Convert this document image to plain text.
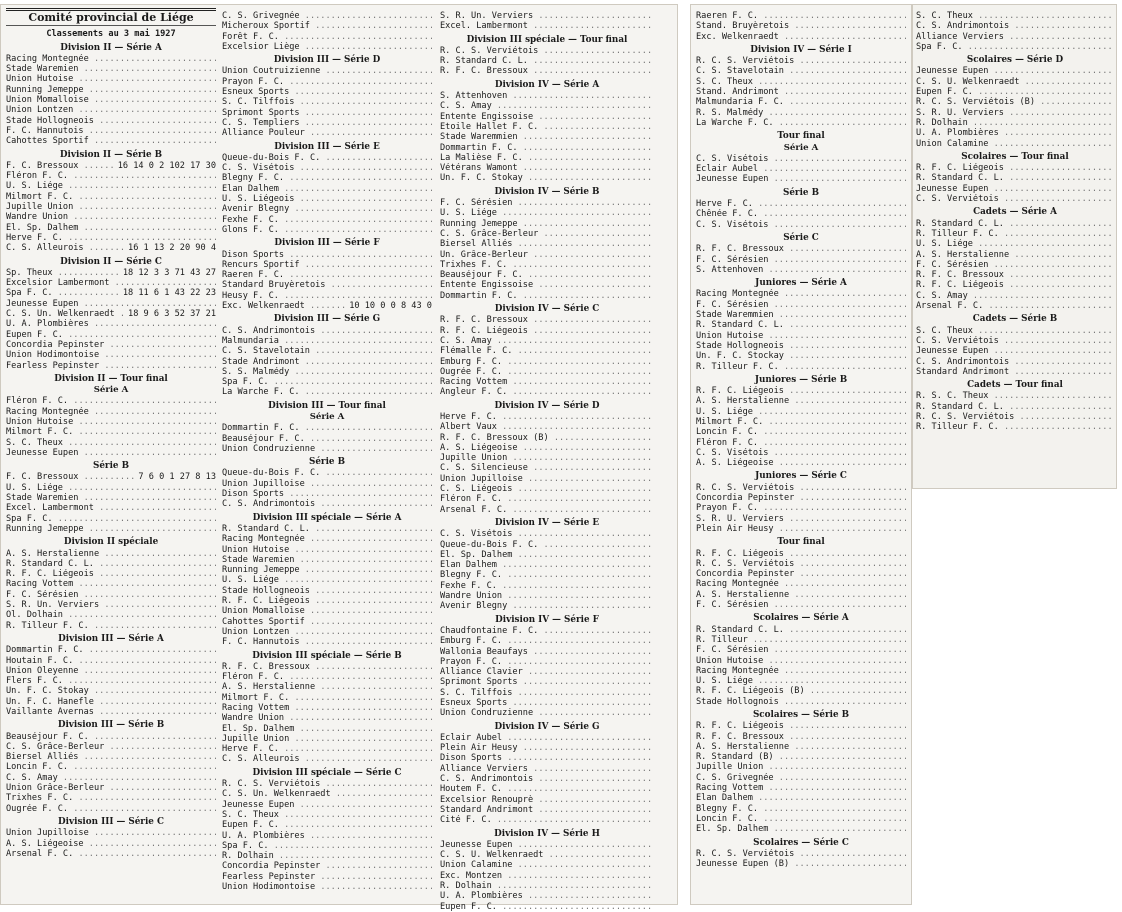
Comité provincial de Liége
Classements au 3 mai 1927
Division II — Série A
Racing Montegnée .....
Stade Waremien .....
Union Hutoise .....
Running Jemeppe .....
Union Momalloise .....
Union Lontzen .....
Stade Hollogneois .....
F. C. Hannutois .....
Cahottes Sportif .....
Division II — Série B
F. C. Bressoux .....	16 14 0 2 102 17 30
Fléron F. C. .....
U. S. Liége .....
Milmort F. C. .....
Jupille Union .....
Wandre Union .....
El. Sp. Dalhem .....
Herve F. C. .....
C. S. Alleurois .....	16 1 13 2 20 90 4
Division II — Série C
Sp. Theux .....	18 12 3 3 71 43 27
Excelsior Lambermont .....
Spa F. C. .....	18 11 6 1 43 22 23
Jeunesse Eupen .....
C. S. Un. Welkenraedt .....	18 9 6 3 52 37 21
U. A. Plombières .....
Eupen F. C. .....
Concordia Pepinster .....
Union Hodimontoise .....
Fearless Pepinster .....
Division II — Tour final
Série A
Fléron F. C. .....
Racing Montegnée .....
Union Hutoise .....
Milmort F. C. .....
S. C. Theux .....
Jeunesse Eupen .....
Série B
F. C. Bressoux .....	7 6 0 1 27 8 13
U. S. Liége .....
Stade Waremien .....
Excel. Lambermont .....
Spa F. C. .....
Running Jemeppe .....
Division II spéciale
A. S. Herstalienne .....
R. Standard C. L. .....
R. F. C. Liégeois .....
Racing Vottem .....
F. C. Sérésien .....
S. R. Un. Verviers .....
Ol. Dolhain .....
R. Tilleur F. C. .....
Division III — Série A
Dommartin F. C. .....
Houtain F. C. .....
Union Oleyenne .....
Flers F. C. .....
Un. F. C. Stokay .....
Un. F. C. Hanefle .....
Vaillante Avernas .....
Division III — Série B
Beauséjour F. C. .....
C. S. Grâce-Berleur .....
Biersel Alliés .....
Loncin F. C. .....
C. S. Amay .....
Union Grâce-Berleur .....
Trixhes F. C. .....
Ougrée F. C. .....
Division III — Série C
Union Jupilloise .....
A. S. Liégeoise .....
Arsenal F. C. .....
C. S. Grivegnée .....
Micheroux Sportif .....
Forêt F. C. .....
Excelsior Liège .....
Division III — Série D
Union Coutruizienne .....
Prayon F. C. .....
Esneux Sports .....
S. C. Tilffois .....
Sprimont Sports .....
C. S. Templiers .....
Alliance Pouleur .....
Division III — Série E
Queue-du-Bois F. C. .....
C. S. Visétois .....
Blegny F. C. .....
Elan Dalhem .....
U. S. Liégeois .....
Avenir Blegny .....
Fexhe F. C. .....
Glons F. C. .....
Division III — Série F
Dison Sports .....
Rencurs Sportif .....
Raeren F. C. .....
Standard Bruyèretois .....
Heusy F. C. .....
Exc. Welkenraedt .....	10 10 0 0 8 43 0
Division III — Série G
C. S. Andrimontois .....
Malmundaria .....
C. S. Stavelotain .....
Stade Andrimont .....
S. S. Malmédy .....
Spa F. C. .....
La Warche F. C. .....
Division III — Tour final
Série A
Dommartin F. C. .....
Beauséjour F. C. .....
Union Condruzienne .....
Série B
Queue-du-Bois F. C. .....
Union Jupilloise .....
Dison Sports .....
C. S. Andrimontois .....
Division III spéciale — Série A
R. Standard C. L. .....
Racing Montegnée .....
Union Hutoise .....
Stade Waremien .....
Running Jemeppe .....
U. S. Liége .....
Stade Hollogneois .....
R. F. C. Liégeois .....
Union Momalloise .....
Cahottes Sportif .....
Union Lontzen .....
F. C. Hannutois .....
Division III spéciale — Série B
R. F. C. Bressoux .....
Fléron F. C. .....
A. S. Herstalienne .....
Milmort F. C. .....
Racing Vottem .....
Wandre Union .....
El. Sp. Dalhem .....
Jupille Union .....
Herve F. C. .....
C. S. Alleurois .....
Division III spéciale — Série C
R. C. S. Verviétois .....
C. S. Un. Welkenraedt .....
Jeunesse Eupen .....
S. C. Theux .....
Eupen F. C. .....
U. A. Plombières .....
Spa F. C. .....
R. Dolhain .....
Concordia Pepinster .....
Fearless Pepinster .....
Union Hodimontoise .....
S. R. Un. Verviers .....
Excel. Lambermont .....
Division III spéciale — Tour final
R. C. S. Verviétois .....
R. Standard C. L. .....
R. F. C. Bressoux .....
Division IV — Série A
S. Attenhoven .....
C. S. Amay .....
Entente Engissoise .....
Etoile Hallet F. C. .....
Stade Waremmien .....
Dommartin F. C. .....
La Malièse F. C. .....
Vétérans Wamont .....
Un. F. C. Stokay .....
Division IV — Série B
F. C. Sérésien .....
U. S. Liége .....
Running Jemeppe .....
C. S. Grâce-Berleur .....
Biersel Alliés .....
Un. Grâce-Berleur .....
Trixhes F. C. .....
Beauséjour F. C. .....
Entente Engissoise .....
Dommartin F. C. .....
Division IV — Série C
R. F. C. Bressoux .....
R. F. C. Liégeois .....
C. S. Amay .....
Flémalle F. C. .....
Emburg F. C. .....
Ougrée F. C. .....
Racing Vottem .....
Angleur F. C. .....
Division IV — Série D
Herve F. C. .....
Albert Vaux .....
R. F. C. Bressoux (B) .....
A. S. Liégeoise .....
Jupille Union .....
C. S. Silencieuse .....
Union Jupilloise .....
C. S. Liégeois .....
Fléron F. C. .....
Arsenal F. C. .....
Division IV — Série E
C. S. Visétois .....
Queue-du-Bois F. C. .....
El. Sp. Dalhem .....
Elan Dalhem .....
Blegny F. C. .....
Fexhe F. C. .....
Wandre Union .....
Avenir Blegny .....
Division IV — Série F
Chaudfontaine F. C. .....
Emburg F. C. .....
Wallonia Beaufays .....
Prayon F. C. .....
Alliance Clavier .....
Sprimont Sports .....
S. C. Tilffois .....
Esneux Sports .....
Union Condruzienne .....
Division IV — Série G
Eclair Aubel .....
Plein Air Heusy .....
Dison Sports .....
Alliance Verviers .....
C. S. Andrimontois .....
Houtem F. C. .....
Excelsior Renouprè .....
Standard Andrimont .....
Cité F. C. .....
Division IV — Série H
Jeunesse Eupen .....
C. S. U. Welkenraedt .....
Union Calamine .....
Exc. Montzen .....
R. Dolhain .....
U. A. Plombières .....
Eupen F. C. .....
Raeren F. C. .....
Stand. Bruyèretois .....
Exc. Welkenraedt .....
Division IV — Série I
R. C. S. Verviétois .....
C. S. Stavelotain .....
S. C. Theux .....
Stand. Andrimont .....
Malmundaria F. C. .....
R. S. Malmédy .....
La Warche F. C. .....
Tour final
Série A
C. S. Visétois .....
Eclair Aubel .....
Jeunesse Eupen .....
Série B
Herve F. C. .....
Chênée F. C. .....
C. S. Visétois .....
Série C
R. F. C. Bressoux .....
F. C. Sérésien .....
S. Attenhoven .....
Juniores — Série A
Racing Montegnée .....
F. C. Sérésien .....
Stade Waremmien .....
R. Standard C. L. .....
Union Hutoise .....
Stade Hollogneois .....
Un. F. C. Stockay .....
R. Tilleur F. C. .....
Juniores — Série B
R. F. C. Liégeois .....
A. S. Herstalienne .....
U. S. Liége .....
Milmort F. C. .....
Loncin F. C. .....
Fléron F. C. .....
C. S. Visétois .....
A. S. Liégeoise .....
Juniores — Série C
R. C. S. Verviétois .....
Concordia Pepinster .....
Prayon F. C. .....
S. R. U. Verviers .....
Plein Air Heusy .....
Tour final
R. F. C. Liégeois .....
R. C. S. Verviétois .....
Concordia Pepinster .....
Racing Montegnée .....
A. S. Herstalienne .....
F. C. Sérésien .....
Scolaires — Série A
R. Standard C. L. .....
R. Tilleur .....
F. C. Sérésien .....
Union Hutoise .....
Racing Montegnée .....
U. S. Liége .....
R. F. C. Liégeois (B) .....
Stade Hollognois .....
Scolaires — Série B
R. F. C. Liégeois .....
R. F. C. Bressoux .....
A. S. Herstalienne .....
R. Standard (B) .....
Jupille Union .....
C. S. Grivegnée .....
Racing Vottem .....
Elan Dalhem .....
Blegny F. C. .....
Loncin F. C. .....
El. Sp. Dalhem .....
Scolaires — Série C
R. C. S. Verviétois .....
Jeunesse Eupen (B) .....
S. C. Theux .....
C. S. Andrimontois .....
Alliance Verviers .....
Spa F. C. .....
Scolaires — Série D
Jeunesse Eupen .....
C. S. U. Welkenraedt .....
Eupen F. C. .....
R. C. S. Verviétois (B) .....
S. R. U. Verviers .....
R. Dolhain .....
U. A. Plombières .....
Union Calamine .....
Scolaires — Tour final
R. F. C. Liégeois .....
R. Standard C. L. .....
Jeunesse Eupen .....
C. S. Verviétois .....
Cadets — Série A
R. Standard C. L. .....
R. Tilleur F. C. .....
U. S. Liége .....
A. S. Herstalienne .....
F. C. Sérésien .....
R. F. C. Bressoux .....
R. F. C. Liégeois .....
C. S. Amay .....
Arsenal F. C. .....
Cadets — Série B
S. C. Theux .....
C. S. Verviétois .....
Jeunesse Eupen .....
C. S. Andrimontois .....
Standard Andrimont .....
Cadets — Tour final
R. S. C. Theux .....
R. Standard C. L. .....
R. C. S. Verviétois .....
R. Tilleur F. C. .....
